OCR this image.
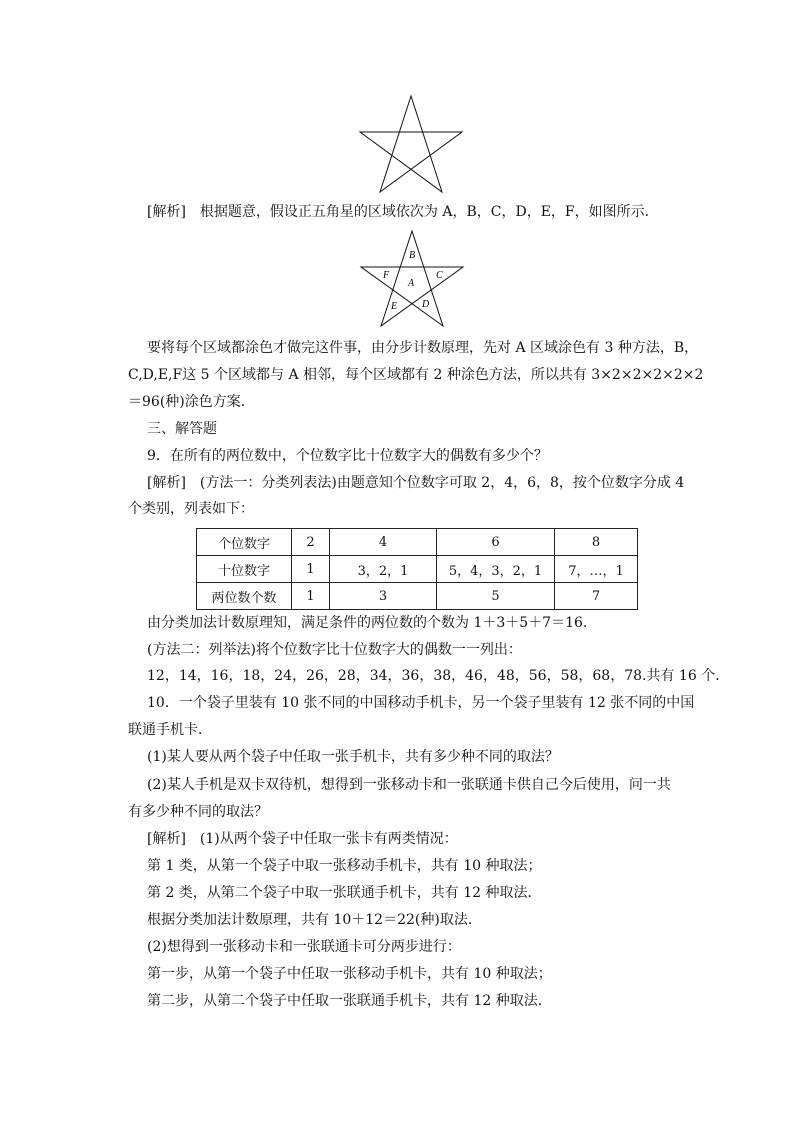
[解析]　根据题意，假设正五角星的区域依次为 A，B，C，D，E，F，如图所示．
B
F	C
A
E D
要将每个区域都涂色才做完这件事，由分步计数原理，先对 A 区域涂色有 3 种方法，B，
C,D,E,F这 5 个区域都与 A 相邻，每个区域都有 2 种涂色方法，所以共有 3×2×2×2×2×2
＝96(种)涂色方案．
三、解答题
9．在所有的两位数中，个位数字比十位数字大的偶数有多少个？
[解析]　(方法一：分类列表法)由题意知个位数字可取 2，4，6，8，按个位数字分成 4
个类别，列表如下：
个位数字	2	4	6	8
十位数字	1	3，2，1	5，4，3，2，1	7，…，1
两位数个数	1	3	5	7
由分类加法计数原理知，满足条件的两位数的个数为 1＋3＋5＋7＝16.
(方法二：列举法)将个位数字比十位数字大的偶数一一列出：
12，14，16，18，24，26，28，34，36，38，46，48，56，58，68，78.共有 16 个．
10．一个袋子里装有 10 张不同的中国移动手机卡，另一个袋子里装有 12 张不同的中国
联通手机卡．
(1)某人要从两个袋子中任取一张手机卡，共有多少种不同的取法？
(2)某人手机是双卡双待机，想得到一张移动卡和一张联通卡供自己今后使用，问一共
有多少种不同的取法？
[解析]　(1)从两个袋子中任取一张卡有两类情况：
第 1 类，从第一个袋子中取一张移动手机卡，共有 10 种取法；
第 2 类，从第二个袋子中取一张联通手机卡，共有 12 种取法．
根据分类加法计数原理，共有 10＋12＝22(种)取法．
(2)想得到一张移动卡和一张联通卡可分两步进行：
第一步，从第一个袋子中任取一张移动手机卡，共有 10 种取法；
第二步，从第二个袋子中任取一张联通手机卡，共有 12 种取法．
